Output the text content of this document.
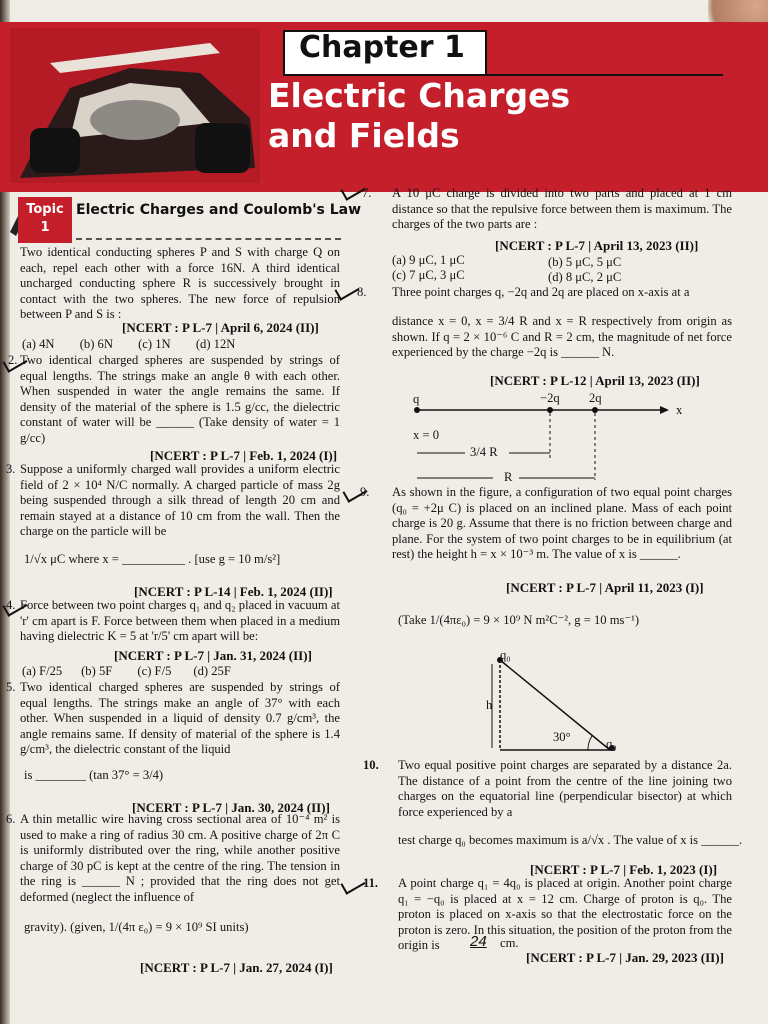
Chapter 1
Electric Charges
and Fields
Topic
1
Electric Charges and Coulomb's Law
Two identical conducting spheres P and S with charge Q on each, repel each other with a force 16N. A third identical uncharged conducting sphere R is successively brought in contact with the two spheres. The new force of repulsion between P and S is :
[NCERT : P L-7 | April 6, 2024 (II)]
(a) 4N        (b) 6N        (c) 1N        (d) 12N
2. Two identical charged spheres are suspended by strings of equal lengths. The strings make an angle θ with each other. When suspended in water the angle remains the same. If density of the material of the sphere is 1.5 g/cc, the dielectric constant of water will be ______ (Take density of water = 1 g/cc)
[NCERT : P L-7 | Feb. 1, 2024 (I)]
3. Suppose a uniformly charged wall provides a uniform electric field of 2 × 10⁴ N/C normally. A charged particle of mass 2g being suspended through a silk thread of length 20 cm and remain stayed at a distance of 10 cm from the wall. Then the charge on the particle will be
1/√x μC where x = __________ . [use g = 10 m/s²]
[NCERT : P L-14 | Feb. 1, 2024 (II)]
4. Force between two point charges q₁ and q₂ placed in vacuum at 'r' cm apart is F. Force between them when placed in a medium having dielectric K = 5 at 'r/5' cm apart will be:
[NCERT : P L-7 | Jan. 31, 2024 (II)]
(a) F/25      (b) 5F        (c) F/5       (d) 25F
5. Two identical charged spheres are suspended by strings of equal lengths. The strings make an angle of 37° with each other. When suspended in a liquid of density 0.7 g/cm³, the angle remains same. If density of material of the sphere is 1.4 g/cm³, the dielectric constant of the liquid
is ________ (tan 37° = 3/4)
[NCERT : P L-7 | Jan. 30, 2024 (II)]
6. A thin metallic wire having cross sectional area of 10⁻⁴ m² is used to make a ring of radius 30 cm. A positive charge of 2π C is uniformly distributed over the ring, while another positive charge of 30 pC is kept at the centre of the ring. The tension in the ring is ______ N ; provided that the ring does not get deformed (neglect the influence of
gravity). (given, 1/(4π ε₀) = 9 × 10⁹ SI units)
[NCERT : P L-7 | Jan. 27, 2024 (I)]
7. A 10 μC charge is divided into two parts and placed at 1 cm distance so that the repulsive force between them is maximum. The charges of the two parts are :
[NCERT : P L-7 | April 13, 2023 (II)]
(a) 9 μC, 1 μC	(b) 5 μC, 5 μC
(c) 7 μC, 3 μC	(d) 8 μC, 2 μC
8. Three point charges q, −2q and 2q are placed on x-axis at a
distance x = 0, x = 3/4 R and x = R respectively from origin as shown. If q = 2 × 10⁻⁶ C and R = 2 cm, the magnitude of net force experienced by the charge −2q is ______ N.
[NCERT : P L-12 | April 13, 2023 (II)]
q	−2q 2q
x
x = 0
3/4 R
R
9. As shown in the figure, a configuration of two equal point charges (q₀ = +2μ C) is placed on an inclined plane. Mass of each point charge is 20 g. Assume that there is no friction between charge and plane. For the system of two point charges to be in equilibrium (at rest) the height h = x × 10⁻³ m. The value of x is ______.
[NCERT : P L-7 | April 11, 2023 (I)]
(Take 1/(4πε₀) = 9 × 10⁹ N m²C⁻², g = 10 ms⁻¹)
q₀
h
30°	q₀
10. Two equal positive point charges are separated by a distance 2a. The distance of a point from the centre of the line joining two charges on the equatorial line (perpendicular bisector) at which force experienced by a
test charge q₀ becomes maximum is a/√x . The value of x is ______.
[NCERT : P L-7 | Feb. 1, 2023 (I)]
11. A point charge q₁ = 4q₀ is placed at origin. Another point charge q₁ = −q₀ is placed at x = 12 cm. Charge of proton is q₀. The proton is placed on x-axis so that the electrostatic force on the proton is zero. In this situation, the position of the proton from the origin is	24 cm.
[NCERT : P L-7 | Jan. 29, 2023 (II)]
